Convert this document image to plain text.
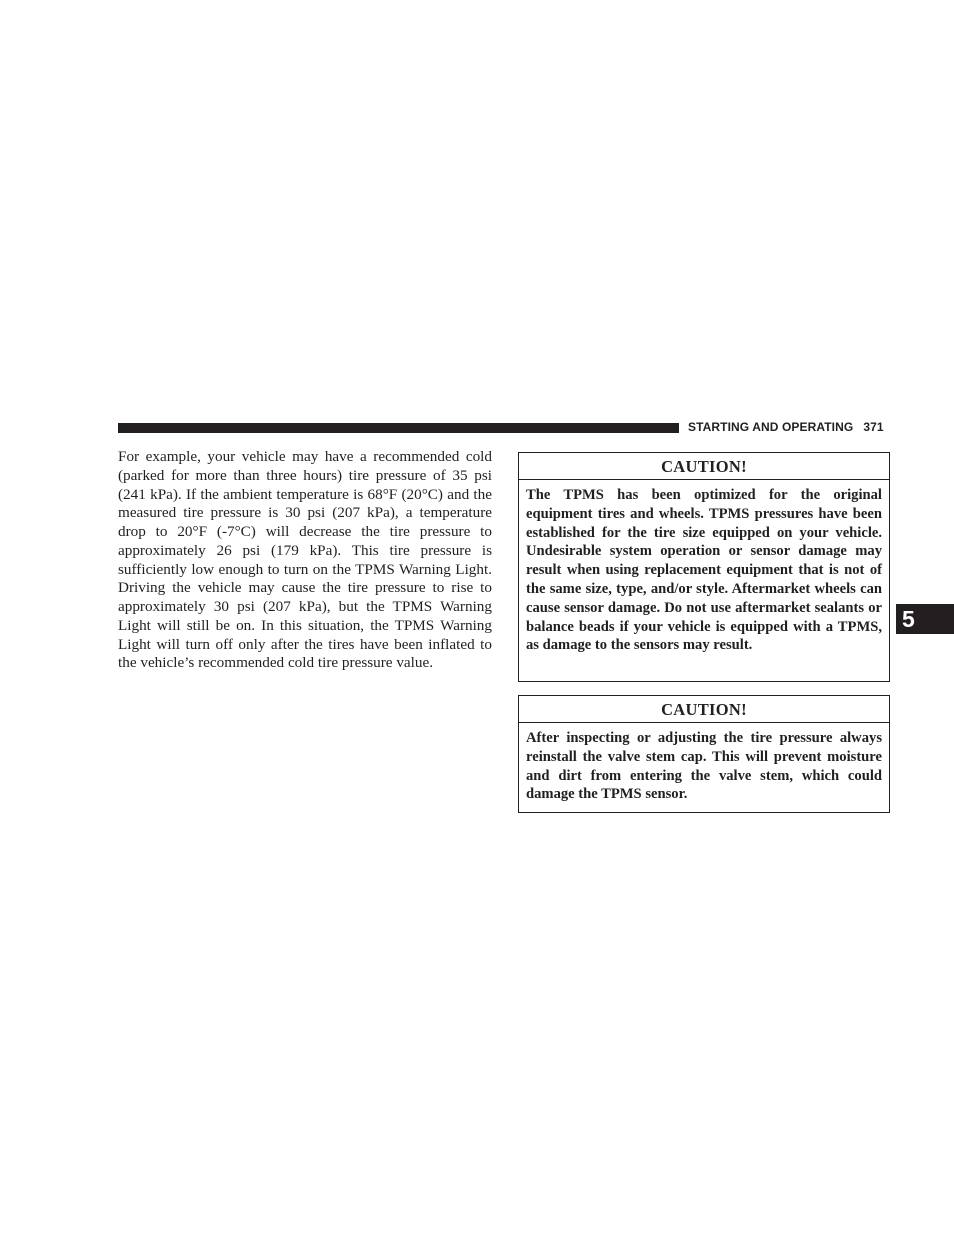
STARTING AND OPERATING 371

For example, your vehicle may have a recommended cold (parked for more than three hours) tire pressure of 35 psi (241 kPa). If the ambient temperature is 68°F (20°C) and the measured tire pressure is 30 psi (207 kPa), a temperature drop to 20°F (-7°C) will decrease the tire pressure to approximately 26 psi (179 kPa). This tire pressure is sufficiently low enough to turn on the TPMS Warning Light. Driving the vehicle may cause the tire pressure to rise to approximately 30 psi (207 kPa), but the TPMS Warning Light will still be on. In this situation, the TPMS Warning Light will turn off only after the tires have been inflated to the vehicle’s recommended cold tire pressure value.

CAUTION!

The TPMS has been optimized for the original equipment tires and wheels. TPMS pressures have been established for the tire size equipped on your vehicle. Undesirable system operation or sensor damage may result when using replacement equipment that is not of the same size, type, and/or style. Aftermarket wheels can cause sensor damage. Do not use aftermarket sealants or balance beads if your vehicle is equipped with a TPMS, as damage to the sensors may result.

CAUTION!

After inspecting or adjusting the tire pressure always reinstall the valve stem cap. This will prevent moisture and dirt from entering the valve stem, which could damage the TPMS sensor.

5
